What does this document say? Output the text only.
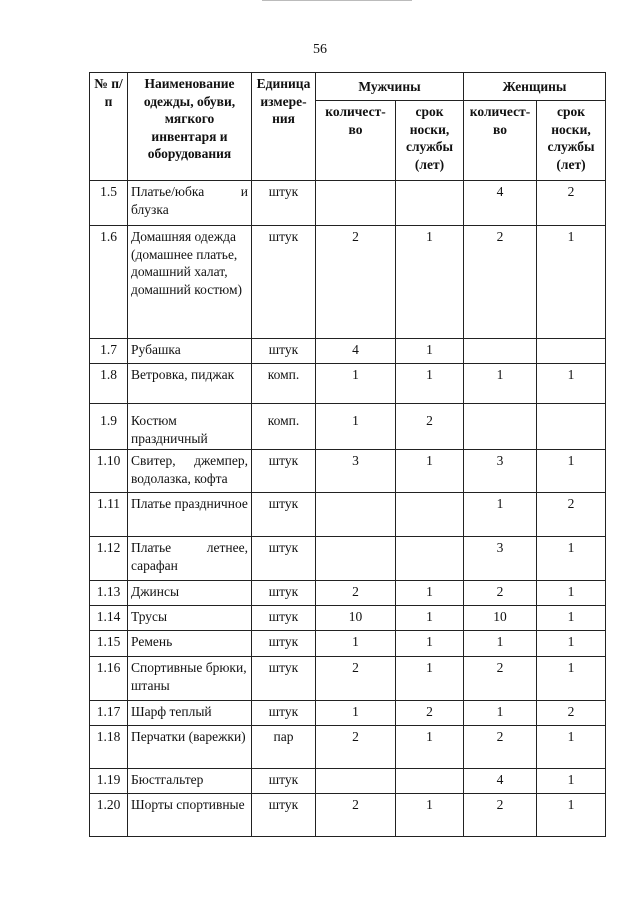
56
№ п/п	Наименование одежды, обуви, мягкого инвентаря и оборудования	Единица измере-ния	Мужчины		Женщины	
			количест-во	срок носки, службы (лет)	количест-во	срок носки, службы (лет)
1.5	Платье/юбка и блузка	штук			4	2
1.6	Домашняя одежда (домашнее платье, домашний халат, домашний костюм)	штук	2	1	2	1
1.7	Рубашка	штук	4	1		
1.8	Ветровка, пиджак	комп.	1	1	1	1
1.9	Костюм праздничный	комп.	1	2		
1.10	Свитер, джемпер, водолазка, кофта	штук	3	1	3	1
1.11	Платье праздничное	штук			1	2
1.12	Платье летнее, сарафан	штук			3	1
1.13	Джинсы	штук	2	1	2	1
1.14	Трусы	штук	10	1	10	1
1.15	Ремень	штук	1	1	1	1
1.16	Спортивные брюки, штаны	штук	2	1	2	1
1.17	Шарф теплый	штук	1	2	1	2
1.18	Перчатки (варежки)	пар	2	1	2	1
1.19	Бюстгальтер	штук			4	1
1.20	Шорты спортивные	штук	2	1	2	1
